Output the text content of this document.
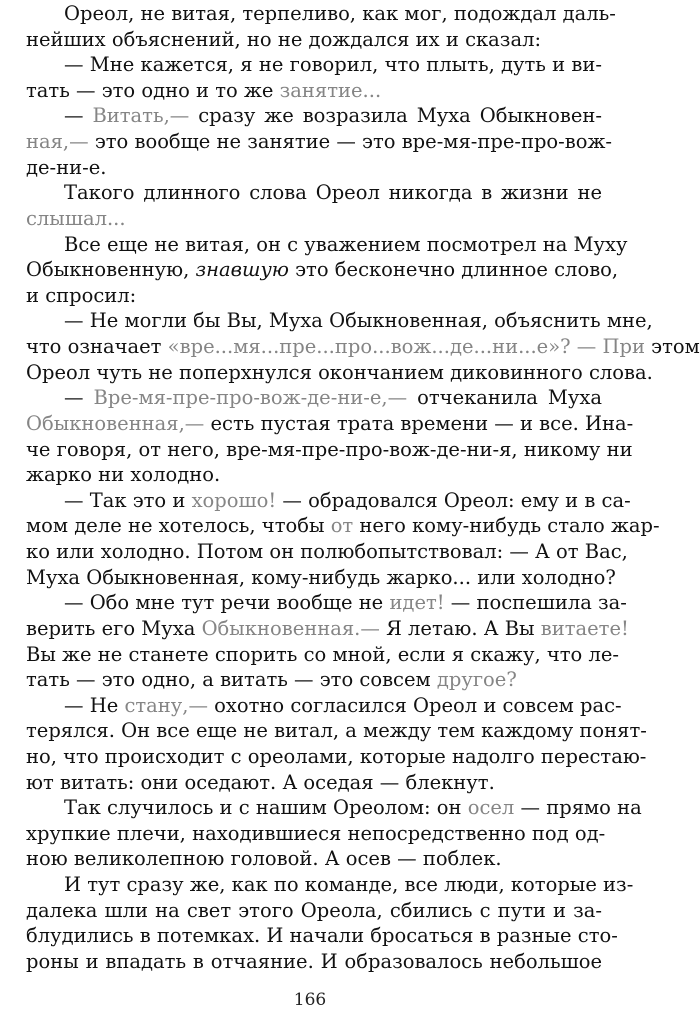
Ореол, не витая, терпеливо, как мог, подождал даль-
нейших объяснений, но не дождался их и сказал:
— Мне кажется, я не говорил, что плыть, дуть и ви-
тать — это одно и то же занятие...
— Витать,— сразу же возразила Муха Обыкновен-
ная,— это вообще не занятие — это вре-мя-пре-про-вож-
де-ни-е.
Такого длинного слова Ореол никогда в жизни не
слышал...
Все еще не витая, он с уважением посмотрел на Муху
Обыкновенную, знавшую это бесконечно длинное слово,
и спросил:
— Не могли бы Вы, Муха Обыкновенная, объяснить мне,
что означает «вре...мя...пре...про...вож...де...ни...е»? — При этом
Ореол чуть не поперхнулся окончанием диковинного слова.
— Вре-мя-пре-про-вож-де-ни-е,— отчеканила Муха
Обыкновенная,— есть пустая трата времени — и все. Ина-
че говоря, от него, вре-мя-пре-про-вож-де-ни-я, никому ни
жарко ни холодно.
— Так это и хорошо! — обрадовался Ореол: ему и в са-
мом деле не хотелось, чтобы от него кому-нибудь стало жар-
ко или холодно. Потом он полюбопытствовал: — А от Вас,
Муха Обыкновенная, кому-нибудь жарко... или холодно?
— Обо мне тут речи вообще не идет! — поспешила за-
верить его Муха Обыкновенная.— Я летаю. А Вы витаете!
Вы же не станете спорить со мной, если я скажу, что ле-
тать — это одно, а витать — это совсем другое?
— Не стану,— охотно согласился Ореол и совсем рас-
терялся. Он все еще не витал, а между тем каждому понят-
но, что происходит с ореолами, которые надолго перестаю-
ют витать: они оседают. А оседая — блекнут.
Так случилось и с нашим Ореолом: он осел — прямо на
хрупкие плечи, находившиеся непосредственно под од-
ною великолепною головой. А осев — поблек.
И тут сразу же, как по команде, все люди, которые из-
далека шли на свет этого Ореола, сбились с пути и за-
блудились в потемках. И начали бросаться в разные сто-
роны и впадать в отчаяние. И образовалось небольшое
166
